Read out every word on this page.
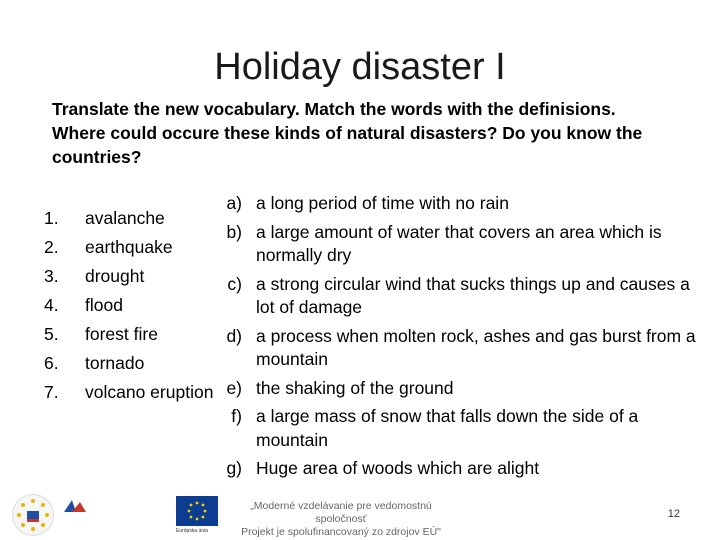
Holiday disaster I
Translate the new vocabulary. Match the words with the definisions. Where could occure these kinds of natural disasters? Do you know the countries?
1. avalanche
2. earthquake
3. drought
4. flood
5. forest fire
6. tornado
7. volcano eruption
a) a long period of time with no rain
b) a large amount of water that covers an area which is normally dry
c) a strong circular wind that sucks things up and causes a lot of damage
d) a process when molten rock, ashes and gas burst from a mountain
e) the shaking of the ground
f) a large mass of snow that falls down the side of a mountain
g) Huge area of woods which are alight
Európska únia
„Moderné vzdelávanie pre vedomostnú spoločnosť
Projekt je spolufinancovaný zo zdrojov EÚ"
12
